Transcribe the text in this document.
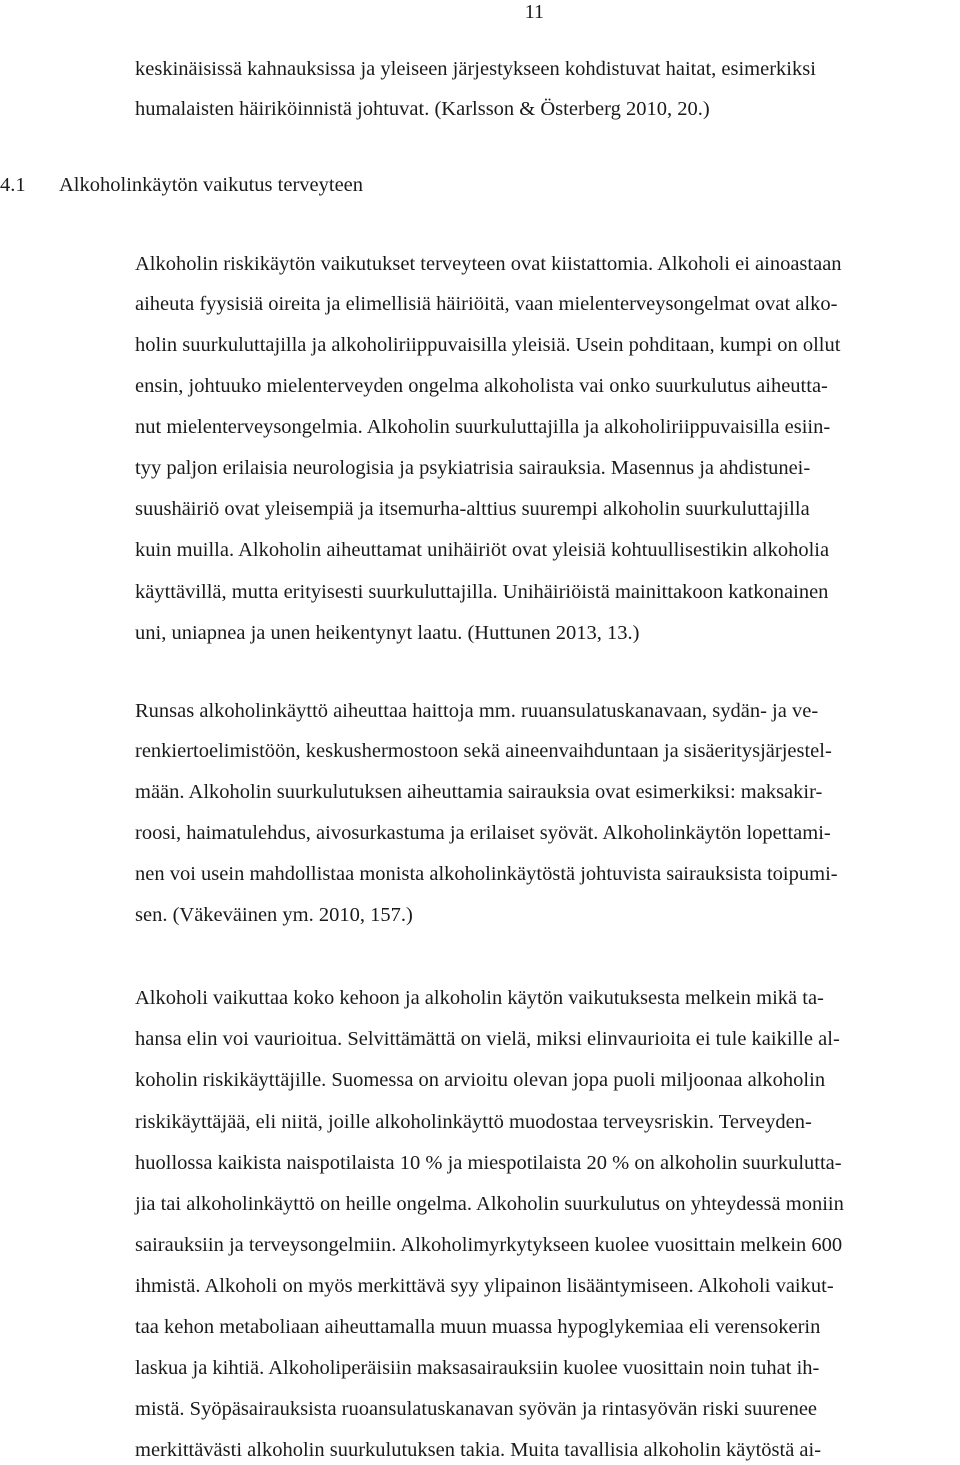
11
keskinäisissä kahnauksissa ja yleiseen järjestykseen kohdistuvat haitat, esimerkiksi
humalaisten häiriköinnistä johtuvat. (Karlsson & Österberg 2010, 20.)
4.1 Alkoholinkäytön vaikutus terveyteen
Alkoholin riskikäytön vaikutukset terveyteen ovat kiistattomia. Alkoholi ei ainoastaan
aiheuta fyysisiä oireita ja elimellisiä häiriöitä, vaan mielenterveysongelmat ovat alko-
holin suurkuluttajilla ja alkoholiriippuvaisilla yleisiä. Usein pohditaan, kumpi on ollut
ensin, johtuuko mielenterveyden ongelma alkoholista vai onko suurkulutus aiheutta-
nut mielenterveysongelmia. Alkoholin suurkuluttajilla ja alkoholiriippuvaisilla esiin-
tyy paljon erilaisia neurologisia ja psykiatrisia sairauksia. Masennus ja ahdistunei-
suushäiriö ovat yleisempiä ja itsemurha-alttius suurempi alkoholin suurkuluttajilla
kuin muilla. Alkoholin aiheuttamat unihäiriöt ovat yleisiä kohtuullisestikin alkoholia
käyttävillä, mutta erityisesti suurkuluttajilla. Unihäiriöistä mainittakoon katkonainen
uni, uniapnea ja unen heikentynyt laatu. (Huttunen 2013, 13.)
Runsas alkoholinkäyttö aiheuttaa haittoja mm. ruuansulatuskanavaan, sydän- ja ve-
renkiertoelimistöön, keskushermostoon sekä aineenvaihduntaan ja sisäeritysjärjestel-
mään. Alkoholin suurkulutuksen aiheuttamia sairauksia ovat esimerkiksi: maksakir-
roosi, haimatulehdus, aivosurkastuma ja erilaiset syövät. Alkoholinkäytön lopettami-
nen voi usein mahdollistaa monista alkoholinkäytöstä johtuvista sairauksista toipumi-
sen. (Väkeväinen ym. 2010, 157.)
Alkoholi vaikuttaa koko kehoon ja alkoholin käytön vaikutuksesta melkein mikä ta-
hansa elin voi vaurioitua. Selvittämättä on vielä, miksi elinvaurioita ei tule kaikille al-
koholin riskikäyttäjille. Suomessa on arvioitu olevan jopa puoli miljoonaa alkoholin
riskikäyttäjää, eli niitä, joille alkoholinkäyttö muodostaa terveysriskin. Terveyden-
huollossa kaikista naispotilaista 10 % ja miespotilaista 20 % on alkoholin suurkulutta-
jia tai alkoholinkäyttö on heille ongelma. Alkoholin suurkulutus on yhteydessä moniin
sairauksiin ja terveysongelmiin. Alkoholimyrkytykseen kuolee vuosittain melkein 600
ihmistä. Alkoholi on myös merkittävä syy ylipainon lisääntymiseen. Alkoholi vaikut-
taa kehon metaboliaan aiheuttamalla muun muassa hypoglykemiaa eli verensokerin
laskua ja kihtiä. Alkoholiperäisiin maksasairauksiin kuolee vuosittain noin tuhat ih-
mistä. Syöpäsairauksista ruoansulatuskanavan syövän ja rintasyövän riski suurenee
merkittävästi alkoholin suurkulutuksen takia. Muita tavallisia alkoholin käytöstä ai-
